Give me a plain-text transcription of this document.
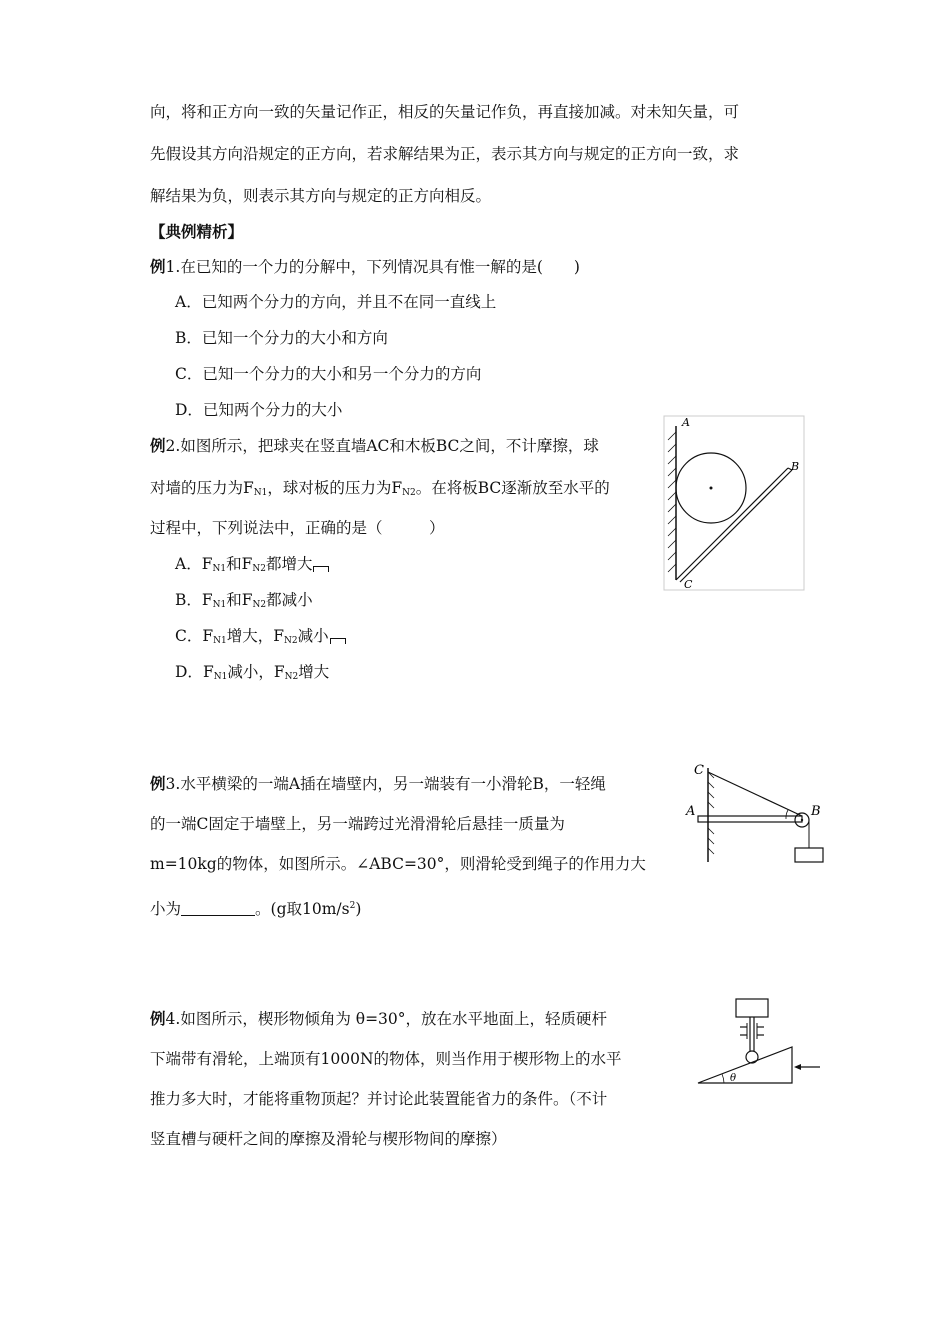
向，将和正方向一致的矢量记作正，相反的矢量记作负，再直接加减。对未知矢量，可
先假设其方向沿规定的正方向，若求解结果为正，表示其方向与规定的正方向一致，求
解结果为负，则表示其方向与规定的正方向相反。
【典例精析】
例1.在已知的一个力的分解中，下列情况具有惟一解的是(　　)
A．已知两个分力的方向，并且不在同一直线上
B．已知一个分力的大小和方向
C．已知一个分力的大小和另一个分力的方向
D．已知两个分力的大小
例2.如图所示，把球夹在竖直墙AC和木板BC之间，不计摩擦，球
对墙的压力为$F_{N1}$，球对板的压力为$F_{N2}$。在将板BC逐渐放至水平的
过程中，下列说法中，正确的是（　　　）
A．$F_{N1}$和$F_{N2}$都增大
B．$F_{N1}$和$F_{N2}$都减小
C．$F_{N1}$增大，$F_{N2}$减小
D．$F_{N1}$减小，$F_{N2}$增大
A
B
C
例3.水平横梁的一端A插在墙壁内，另一端装有一小滑轮B，一轻绳
的一端C固定于墙壁上，另一端跨过光滑滑轮后悬挂一质量为
m=10kg的物体，如图所示。∠ABC=30°，则滑轮受到绳子的作用力大
小为	。(g取$10m/s^2$)
C
A	B
例4.如图所示，楔形物倾角为 θ=30°，放在水平地面上，轻质硬杆
下端带有滑轮，上端顶有1000N的物体，则当作用于楔形物上的水平
推力多大时，才能将重物顶起？并讨论此装置能省力的条件。（不计
竖直槽与硬杆之间的摩擦及滑轮与楔形物间的摩擦）
θ
